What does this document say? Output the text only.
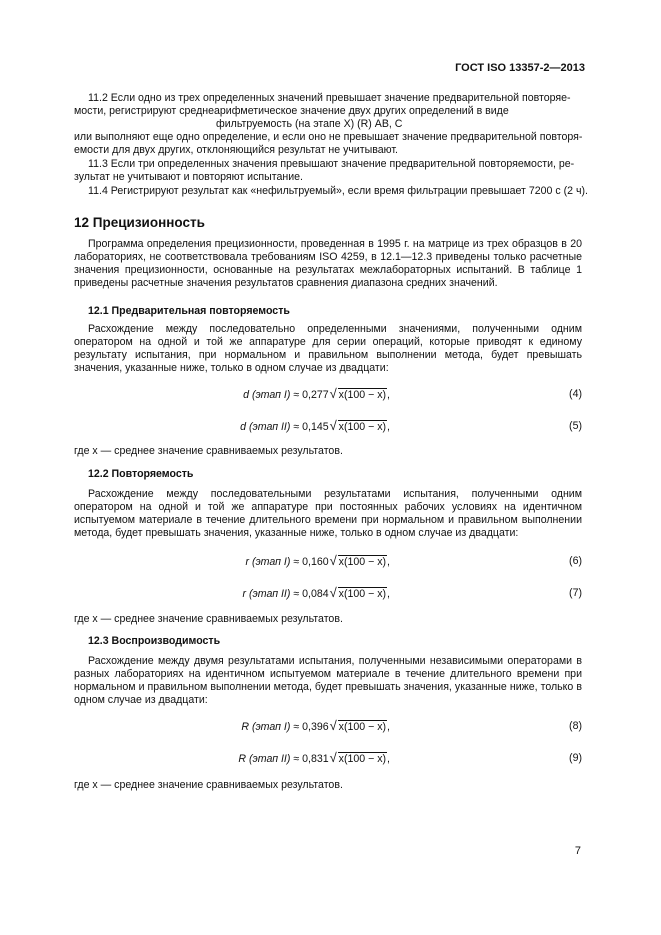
ГОСТ ISO 13357-2—2013
11.2 Если одно из трех определенных значений превышает значение предварительной повторяе-
мости, регистрируют среднеарифметическое значение двух других определений в виде
фильтруемость (на этапе X) (R) АВ, С
или выполняют еще одно определение, и если оно не превышает значение предварительной повторя-
емости для двух других, отклоняющийся результат не учитывают.
11.3 Если три определенных значения превышают значение предварительной повторяемости, ре-
зультат не учитывают и повторяют испытание.
11.4 Регистрируют результат как «нефильтруемый», если время фильтрации превышает 7200 с (2 ч).
12 Прецизионность

Программа определения прецизионности, проведенная в 1995 г. на матрице из трех образцов в 20 лабораториях, не соответствовала требованиям ISO 4259, в 12.1—12.3 приведены только расчетные значения прецизионности, основанные на результатах межлабораторных испытаний. В таблице 1 приведены расчетные значения результатов сравнения диапазона средних значений.

12.1 Предварительная повторяемость

Расхождение между последовательно определенными значениями, полученными одним оператором на одной и той же аппаратуре для серии операций, которые приводят к единому результату испытания, при нормальном и правильном выполнении метода, будет превышать значения, указанные ниже, только в одном случае из двадцати:

d (этап I) ≈ 0,277 √ x(100 − x),	(4)
d (этап II) ≈ 0,145 √ x(100 − x),	(5)
где x — среднее значение сравниваемых результатов.
12.2 Повторяемость

Расхождение между последовательными результатами испытания, полученными одним оператором на одной и той же аппаратуре при постоянных рабочих условиях на идентичном испытуемом материале в течение длительного времени при нормальном и правильном выполнении метода, будет превышать значения, указанные ниже, только в одном случае из двадцати:

r (этап I) ≈ 0,160 √ x(100 − x),	(6)
r (этап II) ≈ 0,084 √ x(100 − x),	(7)
где x — среднее значение сравниваемых результатов.
12.3 Воспроизводимость

Расхождение между двумя результатами испытания, полученными независимыми операторами в разных лабораториях на идентичном испытуемом материале в течение длительного времени при нормальном и правильном выполнении метода, будет превышать значения, указанные ниже, только в одном случае из двадцати:

R (этап I) ≈ 0,396 √ x(100 − x),	(8)
R (этап II) ≈ 0,831 √ x(100 − x),	(9)
где x — среднее значение сравниваемых результатов.
7
